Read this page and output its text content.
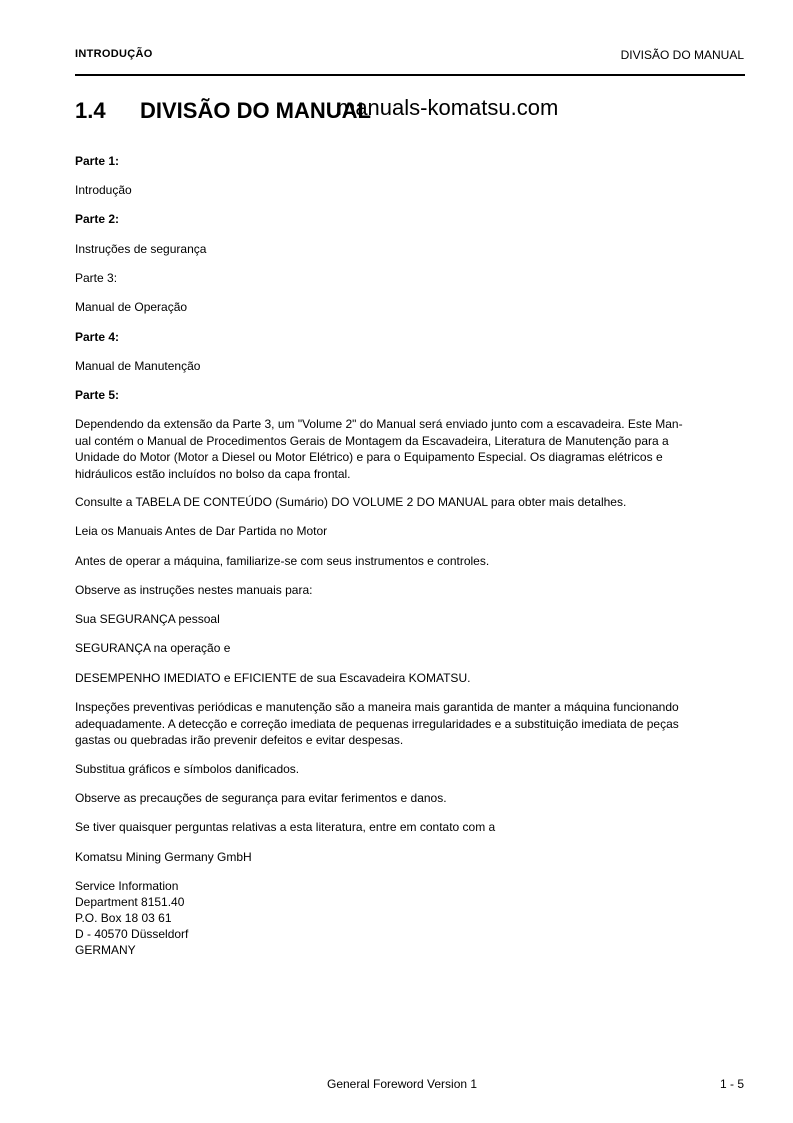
INTRODUÇÃO	DIVISÃO DO MANUAL
1.4 DIVISÃO DO MANUAL
manuals-komatsu.com
Parte 1:
Introdução
Parte 2:
Instruções de segurança
Parte 3:
Manual de Operação
Parte 4:
Manual de Manutenção
Parte 5:
Dependendo da extensão da Parte 3, um "Volume 2" do Manual será enviado junto com a escavadeira. Este Man-
ual contém o Manual de Procedimentos Gerais de Montagem da Escavadeira, Literatura de Manutenção para a
Unidade do Motor (Motor a Diesel ou Motor Elétrico) e para o Equipamento Especial. Os diagramas elétricos e
hidráulicos estão incluídos no bolso da capa frontal.
Consulte a TABELA DE CONTEÚDO (Sumário) DO VOLUME 2 DO MANUAL para obter mais detalhes.
Leia os Manuais Antes de Dar Partida no Motor
Antes de operar a máquina, familiarize-se com seus instrumentos e controles.
Observe as instruções nestes manuais para:
Sua SEGURANÇA pessoal
SEGURANÇA na operação e
DESEMPENHO IMEDIATO e EFICIENTE de sua Escavadeira KOMATSU.
Inspeções preventivas periódicas e manutenção são a maneira mais garantida de manter a máquina funcionando
adequadamente. A detecção e correção imediata de pequenas irregularidades e a substituição imediata de peças
gastas ou quebradas irão prevenir defeitos e evitar despesas.
Substitua gráficos e símbolos danificados.
Observe as precauções de segurança para evitar ferimentos e danos.
Se tiver quaisquer perguntas relativas a esta literatura, entre em contato com a
Komatsu Mining Germany GmbH
Service Information
Department 8151.40
P.O. Box 18 03 61
D - 40570 Düsseldorf
GERMANY
General Foreword Version 1	1 - 5
